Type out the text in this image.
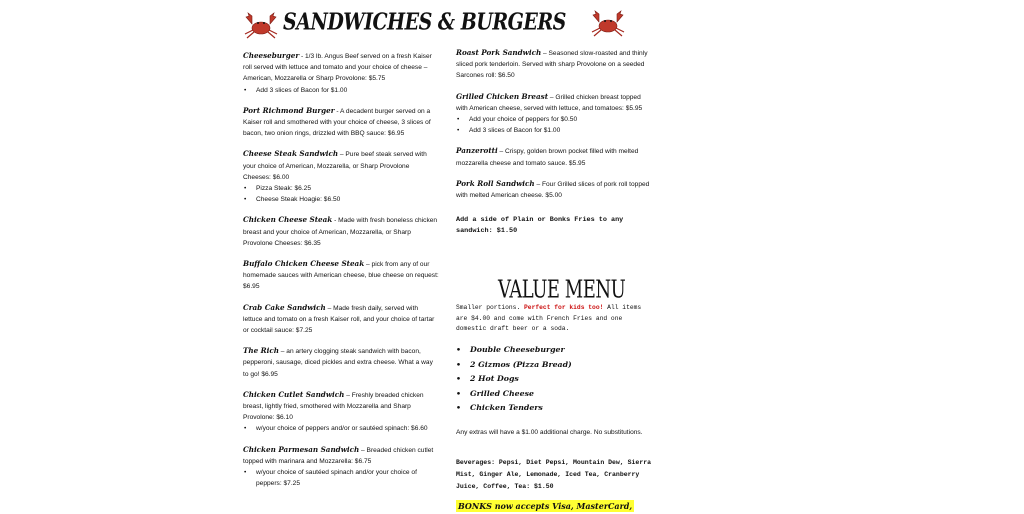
SANDWICHES & BURGERS
Cheeseburger - 1/3 lb. Angus Beef served on a fresh Kaiser roll served with lettuce and tomato and your choice of cheese – American, Mozzarella or Sharp Provolone: $5.75
• Add 3 slices of Bacon for $1.00
Port Richmond Burger - A decadent burger served on a Kaiser roll and smothered with your choice of cheese, 3 slices of bacon, two onion rings, drizzled with BBQ sauce: $6.95
Cheese Steak Sandwich – Pure beef steak served with your choice of American, Mozzarella, or Sharp Provolone Cheeses: $6.00
• Pizza Steak: $6.25
• Cheese Steak Hoagie: $6.50
Chicken Cheese Steak - Made with fresh boneless chicken breast and your choice of American, Mozzarella, or Sharp Provolone Cheeses: $6.35
Buffalo Chicken Cheese Steak – pick from any of our homemade sauces with American cheese, blue cheese on request: $6.95
Crab Cake Sandwich – Made fresh daily, served with lettuce and tomato on a fresh Kaiser roll, and your choice of tartar or cocktail sauce: $7.25
The Rich – an artery clogging steak sandwich with bacon, pepperoni, sausage, diced pickles and extra cheese. What a way to go! $6.95
Chicken Cutlet Sandwich – Freshly breaded chicken breast, lightly fried, smothered with Mozzarella and Sharp Provolone: $6.10
• w/your choice of peppers and/or or sautéed spinach: $6.60
Chicken Parmesan Sandwich – Breaded chicken cutlet topped with marinara and Mozzarella: $6.75
• w/your choice of sautéed spinach and/or your choice of peppers: $7.25
Roast Pork Sandwich – Seasoned slow-roasted and thinly sliced pork tenderloin. Served with sharp Provolone on a seeded Sarcones roll: $6.50
Grilled Chicken Breast – Grilled chicken breast topped with American cheese, served with lettuce, and tomatoes: $5.95
• Add your choice of peppers for $0.50
• Add 3 slices of Bacon for $1.00
Panzerotti – Crispy, golden brown pocket filled with melted mozzarella cheese and tomato sauce. $5.95
Pork Roll Sandwich – Four Grilled slices of pork roll topped with melted American cheese. $5.00
Add a side of Plain or Bonks Fries to any sandwich: $1.50
VALUE MENU
Smaller portions. Perfect for kids too! All items are $4.00 and come with French Fries and one domestic draft beer or a soda.
• Double Cheeseburger
• 2 Gizmos (Pizza Bread)
• 2 Hot Dogs
• Grilled Cheese
• Chicken Tenders
Any extras will have a $1.00 additional charge. No substitutions.
Beverages: Pepsi, Diet Pepsi, Mountain Dew, Sierra Mist, Ginger Ale, Lemonade, Iced Tea, Cranberry Juice, Coffee, Tea: $1.50
BONKS now accepts Visa, MasterCard,
